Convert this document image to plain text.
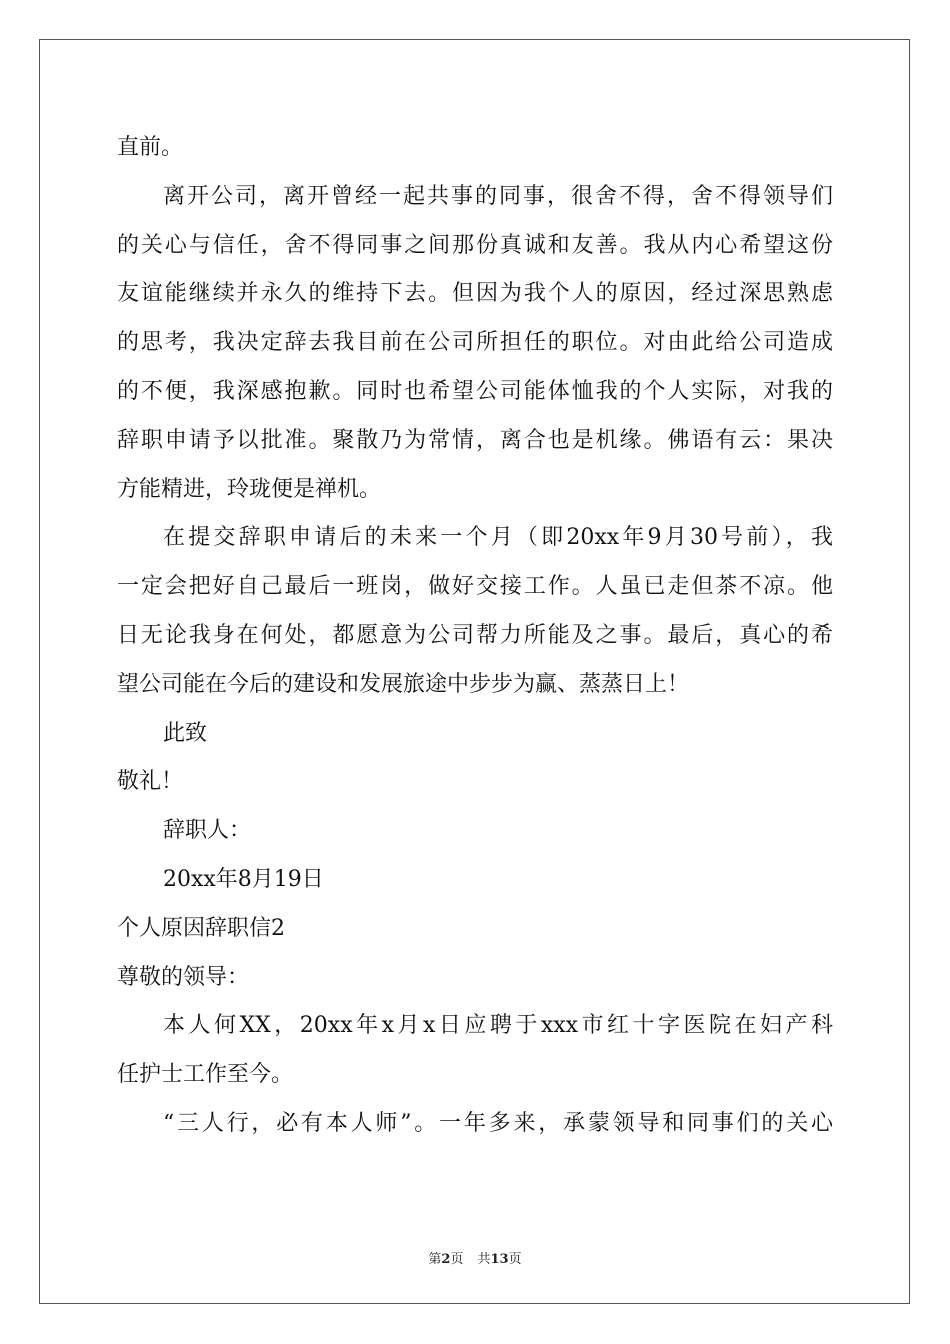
直前。
离开公司，离开曾经一起共事的同事，很舍不得，舍不得领导们
的关心与信任，舍不得同事之间那份真诚和友善。我从内心希望这份
友谊能继续并永久的维持下去。但因为我个人的原因，经过深思熟虑
的思考，我决定辞去我目前在公司所担任的职位。对由此给公司造成
的不便，我深感抱歉。同时也希望公司能体恤我的个人实际，对我的
辞职申请予以批准。聚散乃为常情，离合也是机缘。佛语有云：果决
方能精进，玲珑便是禅机。
在提交辞职申请后的未来一个月（即20xx年9月30号前），我
一定会把好自己最后一班岗，做好交接工作。人虽已走但茶不凉。他
日无论我身在何处，都愿意为公司帮力所能及之事。最后，真心的希
望公司能在今后的建设和发展旅途中步步为赢、蒸蒸日上！
此致
敬礼！
辞职人：
20xx年8月19日
个人原因辞职信2
尊敬的领导：
本人何XX，20xx年x月x日应聘于xxx市红十字医院在妇产科
任护士工作至今。
“三人行，必有本人师”。一年多来，承蒙领导和同事们的关心
第2页 共13页
